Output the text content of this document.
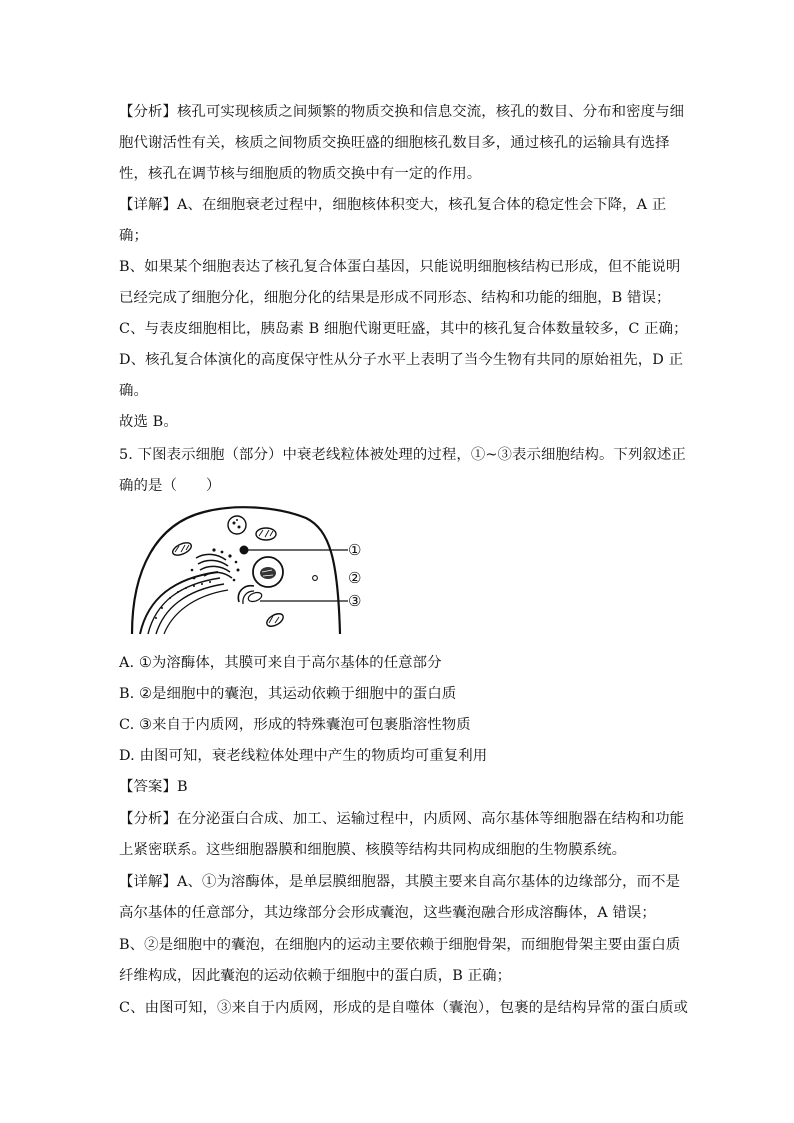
【分析】核孔可实现核质之间频繁的物质交换和信息交流，核孔的数目、分布和密度与细
胞代谢活性有关，核质之间物质交换旺盛的细胞核孔数目多，通过核孔的运输具有选择
性，核孔在调节核与细胞质的物质交换中有一定的作用。
【详解】A、在细胞衰老过程中，细胞核体积变大，核孔复合体的稳定性会下降，A 正
确；
B、如果某个细胞表达了核孔复合体蛋白基因，只能说明细胞核结构已形成，但不能说明
已经完成了细胞分化，细胞分化的结果是形成不同形态、结构和功能的细胞，B 错误；
C、与表皮细胞相比，胰岛素 B 细胞代谢更旺盛，其中的核孔复合体数量较多，C 正确；
D、核孔复合体演化的高度保守性从分子水平上表明了当今生物有共同的原始祖先，D 正
确。
故选 B。
5. 下图表示细胞（部分）中衰老线粒体被处理的过程，①~③表示细胞结构。下列叙述正
确的是（　　）
①
②
③
A. ①为溶酶体，其膜可来自于高尔基体的任意部分
B. ②是细胞中的囊泡，其运动依赖于细胞中的蛋白质
C. ③来自于内质网，形成的特殊囊泡可包裹脂溶性物质
D. 由图可知，衰老线粒体处理中产生的物质均可重复利用
【答案】B
【分析】在分泌蛋白合成、加工、运输过程中，内质网、高尔基体等细胞器在结构和功能
上紧密联系。这些细胞器膜和细胞膜、核膜等结构共同构成细胞的生物膜系统。
【详解】A、①为溶酶体，是单层膜细胞器，其膜主要来自高尔基体的边缘部分，而不是
高尔基体的任意部分，其边缘部分会形成囊泡，这些囊泡融合形成溶酶体，A 错误；
B、②是细胞中的囊泡，在细胞内的运动主要依赖于细胞骨架，而细胞骨架主要由蛋白质
纤维构成，因此囊泡的运动依赖于细胞中的蛋白质，B 正确；
C、由图可知，③来自于内质网，形成的是自噬体（囊泡），包裹的是结构异常的蛋白质或
